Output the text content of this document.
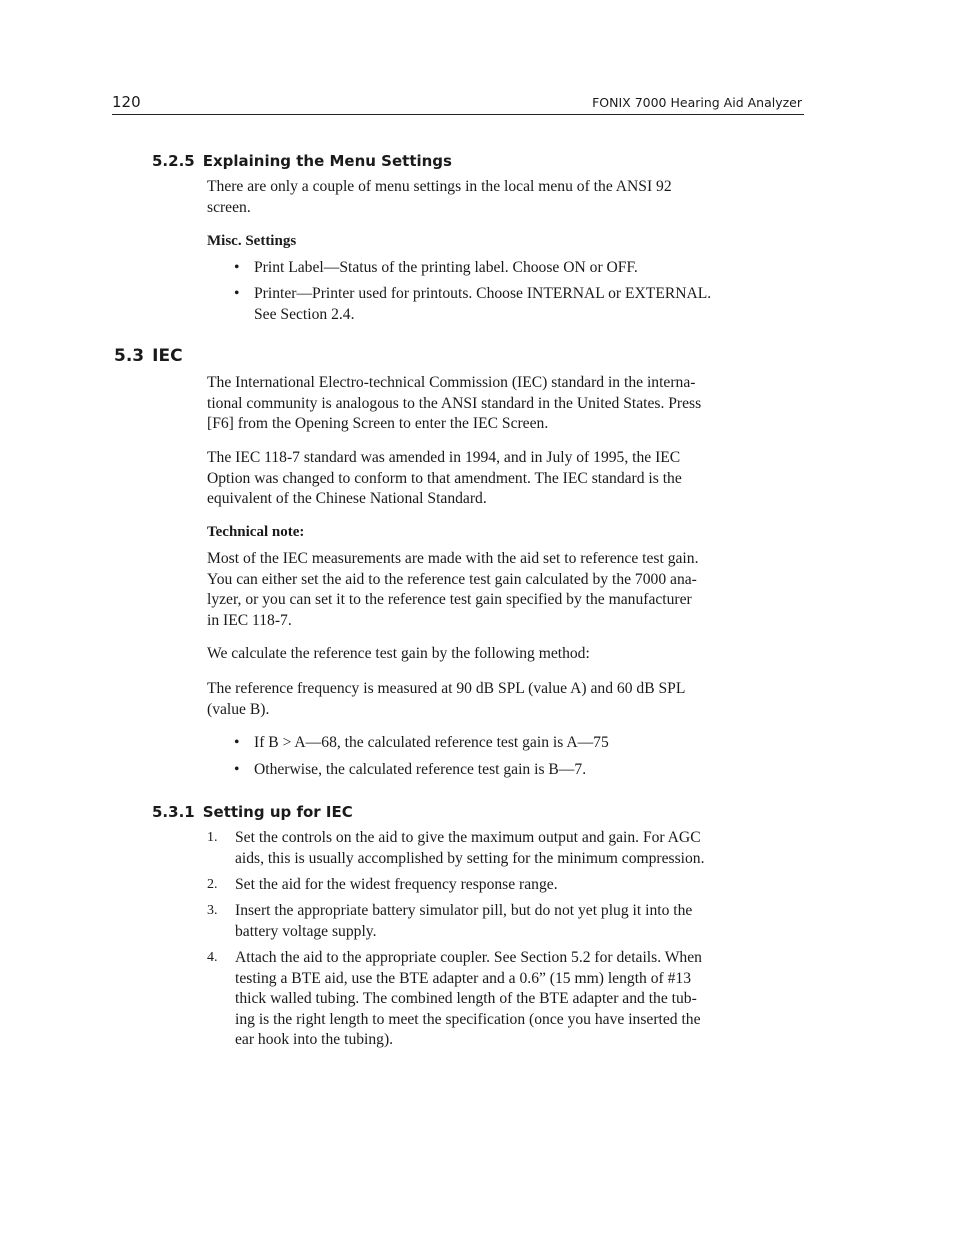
120	FONIX 7000 Hearing Aid Analyzer
5.2.5 Explaining the Menu Settings

There are only a couple of menu settings in the local menu of the ANSI 92
screen.

Misc. Settings

• Print Label—Status of the printing label. Choose ON or OFF.

• Printer—Printer used for printouts. Choose INTERNAL or EXTERNAL.
See Section 2.4.

5.3 IEC

The International Electro-technical Commission (IEC) standard in the interna-
tional community is analogous to the ANSI standard in the United States. Press
[F6] from the Opening Screen to enter the IEC Screen.

The IEC 118-7 standard was amended in 1994, and in July of 1995, the IEC
Option was changed to conform to that amendment. The IEC standard is the
equivalent of the Chinese National Standard.

Technical note:

Most of the IEC measurements are made with the aid set to reference test gain.
You can either set the aid to the reference test gain calculated by the 7000 ana-
lyzer, or you can set it to the reference test gain specified by the manufacturer
in IEC 118-7.

We calculate the reference test gain by the following method:

The reference frequency is measured at 90 dB SPL (value A) and 60 dB SPL
(value B).

• If B > A—68, the calculated reference test gain is A—75

• Otherwise, the calculated reference test gain is B—7.

5.3.1 Setting up for IEC

1. Set the controls on the aid to give the maximum output and gain. For AGC
aids, this is usually accomplished by setting for the minimum compression.

2. Set the aid for the widest frequency response range.

3. Insert the appropriate battery simulator pill, but do not yet plug it into the
battery voltage supply.

4. Attach the aid to the appropriate coupler. See Section 5.2 for details. When
testing a BTE aid, use the BTE adapter and a 0.6” (15 mm) length of #13
thick walled tubing. The combined length of the BTE adapter and the tub-
ing is the right length to meet the specification (once you have inserted the
ear hook into the tubing).
